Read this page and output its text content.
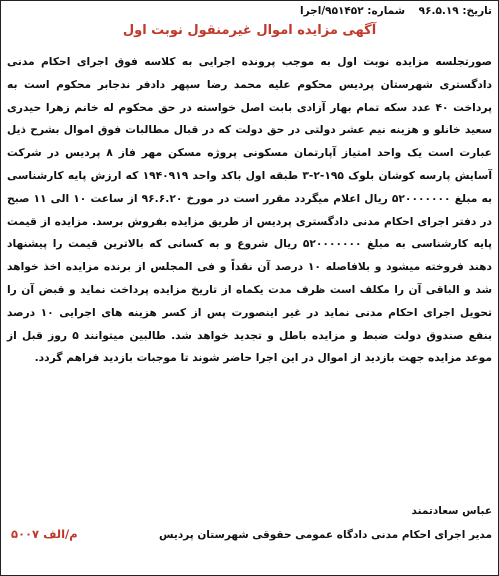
تاریخ: ۹۶.۵.۱۹ شماره: ۹۵۱۴۵۲/اجرا
آگهی مزایده اموال غیرمنقول نوبت اول

صورتجلسه مزایده نوبت اول به موجب پرونده اجرایی به کلاسه فوق اجرای احکام مدنی دادگستری شهرستان پردیس محکوم علیه محمد رضا سپهر دادفر ندجابر محکوم است به پرداخت ۴۰ عدد سکه تمام بهار آزادی بابت اصل خواسته در حق محکوم له خانم زهرا حیدری سعید خانلو و هزینه نیم عشر دولتی در حق دولت که در قبال مطالبات فوق اموال بشرح ذیل عبارت است یک واحد امتیاز آپارتمان مسکونی پروژه مسکن مهر فاز ۸ پردیس در شرکت آسایش پارسه کوشان بلوک ۱۹۵-۲-۳ طبقه اول باکد واحد ۱۹۴۰۹۱۹ که ارزش پایه کارشناسی به مبلغ ۵۲۰۰۰۰۰۰۰ ریال اعلام میگردد مقرر است در مورخ ۹۶.۶.۲۰ از ساعت ۱۰ الی ۱۱ صبح در دفتر اجرای احکام مدنی دادگستری پردیس از طریق مزایده بفروش برسد. مزایده از قیمت پایه کارشناسی به مبلغ ۵۲۰۰۰۰۰۰۰ ریال شروع و به کسانی که بالاترین قیمت را پیشنهاد دهند فروخته میشود و بلافاصله ۱۰ درصد آن نقداً و فی المجلس از برنده مزایده اخذ خواهد شد و الباقی آن را مکلف است ظرف مدت یکماه از تاریخ مزایده پرداخت نماید و قبض آن را تحویل اجرای احکام مدنی نماید در غیر اینصورت پس از کسر هزینه های اجرایی ۱۰ درصد بنفع صندوق دولت ضبط و مزایده باطل و تجدید خواهد شد. طالبین میتوانند ۵ روز قبل از موعد مزایده جهت بازدید از اموال در این اجرا حاضر شوند تا موجبات بازدید فراهم گردد.

عباس سعادتمند
مدیر اجرای احکام مدنی دادگاه عمومی حقوقی شهرستان پردیس
م/الف ۵۰۰۷
